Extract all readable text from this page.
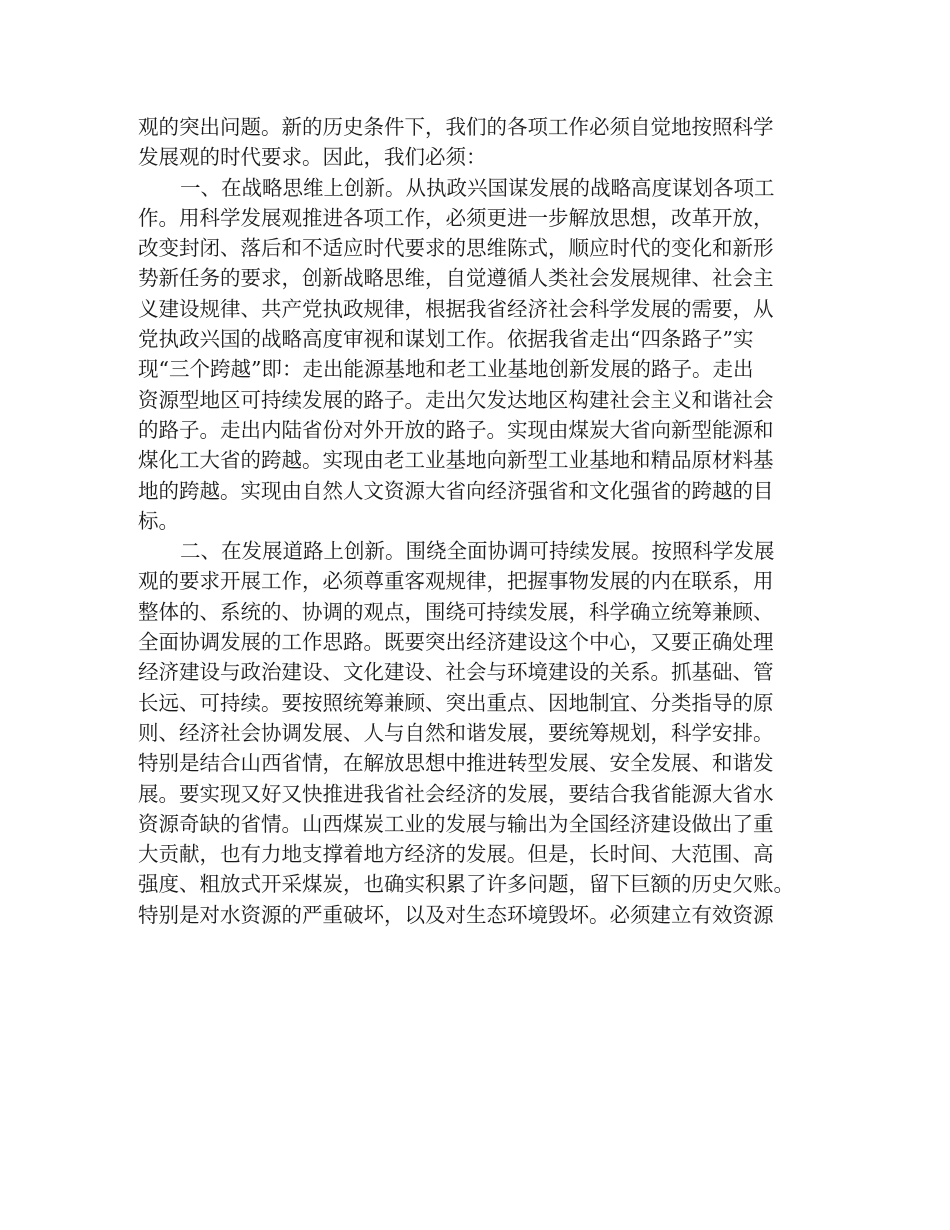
观的突出问题。新的历史条件下，我们的各项工作必须自觉地按照科学
发展观的时代要求。因此，我们必须：
一、在战略思维上创新。从执政兴国谋发展的战略高度谋划各项工
作。用科学发展观推进各项工作，必须更进一步解放思想，改革开放，
改变封闭、落后和不适应时代要求的思维陈式，顺应时代的变化和新形
势新任务的要求，创新战略思维，自觉遵循人类社会发展规律、社会主
义建设规律、共产党执政规律，根据我省经济社会科学发展的需要，从
党执政兴国的战略高度审视和谋划工作。依据我省走出“四条路子”实
现“三个跨越”即：走出能源基地和老工业基地创新发展的路子。走出
资源型地区可持续发展的路子。走出欠发达地区构建社会主义和谐社会
的路子。走出内陆省份对外开放的路子。实现由煤炭大省向新型能源和
煤化工大省的跨越。实现由老工业基地向新型工业基地和精品原材料基
地的跨越。实现由自然人文资源大省向经济强省和文化强省的跨越的目
标。
二、在发展道路上创新。围绕全面协调可持续发展。按照科学发展
观的要求开展工作，必须尊重客观规律，把握事物发展的内在联系，用
整体的、系统的、协调的观点，围绕可持续发展，科学确立统筹兼顾、
全面协调发展的工作思路。既要突出经济建设这个中心，又要正确处理
经济建设与政治建设、文化建设、社会与环境建设的关系。抓基础、管
长远、可持续。要按照统筹兼顾、突出重点、因地制宜、分类指导的原
则、经济社会协调发展、人与自然和谐发展，要统筹规划，科学安排。
特别是结合山西省情，在解放思想中推进转型发展、安全发展、和谐发
展。要实现又好又快推进我省社会经济的发展，要结合我省能源大省水
资源奇缺的省情。山西煤炭工业的发展与输出为全国经济建设做出了重
大贡献，也有力地支撑着地方经济的发展。但是，长时间、大范围、高
强度、粗放式开采煤炭，也确实积累了许多问题，留下巨额的历史欠账。
特别是对水资源的严重破坏，以及对生态环境毁坏。必须建立有效资源
